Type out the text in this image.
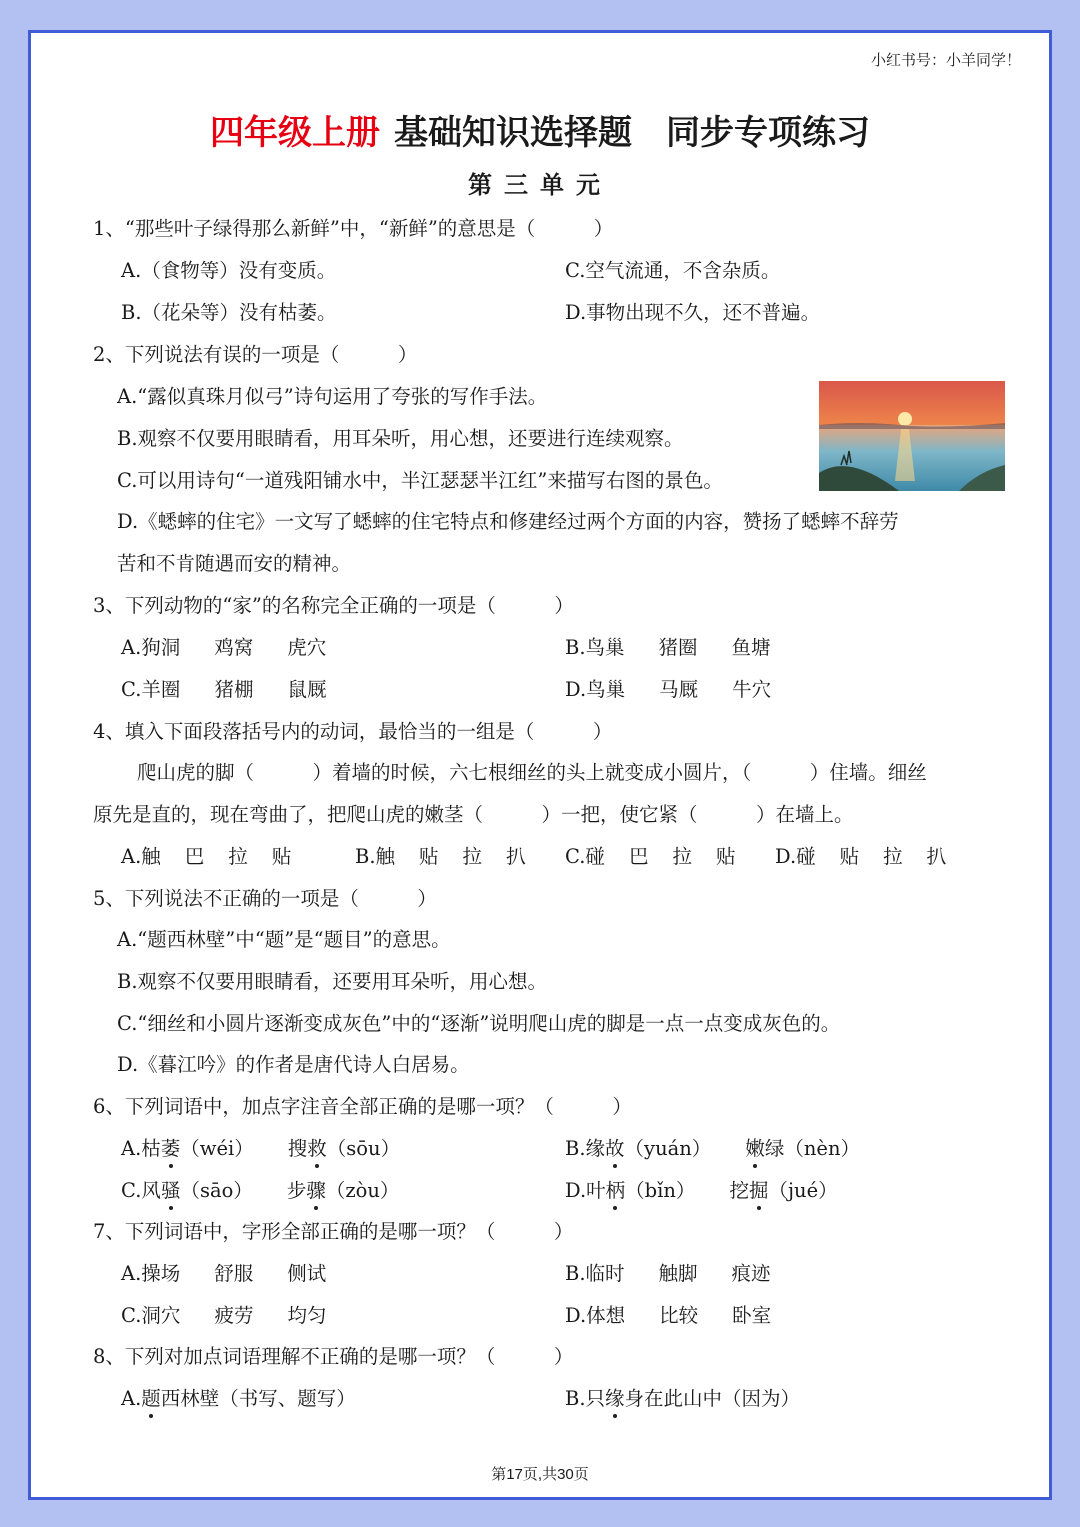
小红书号：小羊同学！
四年级上册 基础知识选择题 同步专项练习
第三单元
1、“那些叶子绿得那么新鲜”中，“新鲜”的意思是（　　　）
A.（食物等）没有变质。	C.空气流通，不含杂质。
B.（花朵等）没有枯萎。	D.事物出现不久，还不普遍。
2、下列说法有误的一项是（　　　）
A.“露似真珠月似弓”诗句运用了夸张的写作手法。
B.观察不仅要用眼睛看，用耳朵听，用心想，还要进行连续观察。
C.可以用诗句“一道残阳铺水中，半江瑟瑟半江红”来描写右图的景色。
D.《蟋蟀的住宅》一文写了蟋蟀的住宅特点和修建经过两个方面的内容，赞扬了蟋蟀不辞劳
苦和不肯随遇而安的精神。
3、下列动物的“家”的名称完全正确的一项是（　　　）
A.狗洞 鸡窝 虎穴	B.鸟巢 猪圈 鱼塘
C.羊圈 猪棚 鼠厩	D.鸟巢 马厩 牛穴
4、填入下面段落括号内的动词，最恰当的一组是（　　　）
爬山虎的脚（　　　）着墙的时候，六七根细丝的头上就变成小圆片，（　　　）住墙。细丝
原先是直的，现在弯曲了，把爬山虎的嫩茎（　　　）一把，使它紧（　　　）在墙上。
A.触 巴 拉 贴	B.触 贴 拉 扒 C.碰 巴 拉 贴 D.碰 贴 拉 扒
5、下列说法不正确的一项是（　　　）
A.“题西林壁”中“题”是“题目”的意思。
B.观察不仅要用眼睛看，还要用耳朵听，用心想。
C.“细丝和小圆片逐渐变成灰色”中的“逐渐”说明爬山虎的脚是一点一点变成灰色的。
D.《暮江吟》的作者是唐代诗人白居易。
6、下列词语中，加点字注音全部正确的是哪一项？（　　　）
A.枯萎（wéi） 搜救（sōu）	B.缘故（yuán） 嫩绿（nèn）
C.风骚（sāo） 步骤（zòu）	D.叶柄（bǐn） 挖掘（jué）
7、下列词语中，字形全部正确的是哪一项？（　　　）
A.操场 舒服 侧试	B.临时 触脚 痕迹
C.洞穴 疲劳 均匀	D.体想 比较 卧室
8、下列对加点词语理解不正确的是哪一项？（　　　）
A.题西林壁（书写、题写）	B.只缘身在此山中（因为）
第17页,共30页
